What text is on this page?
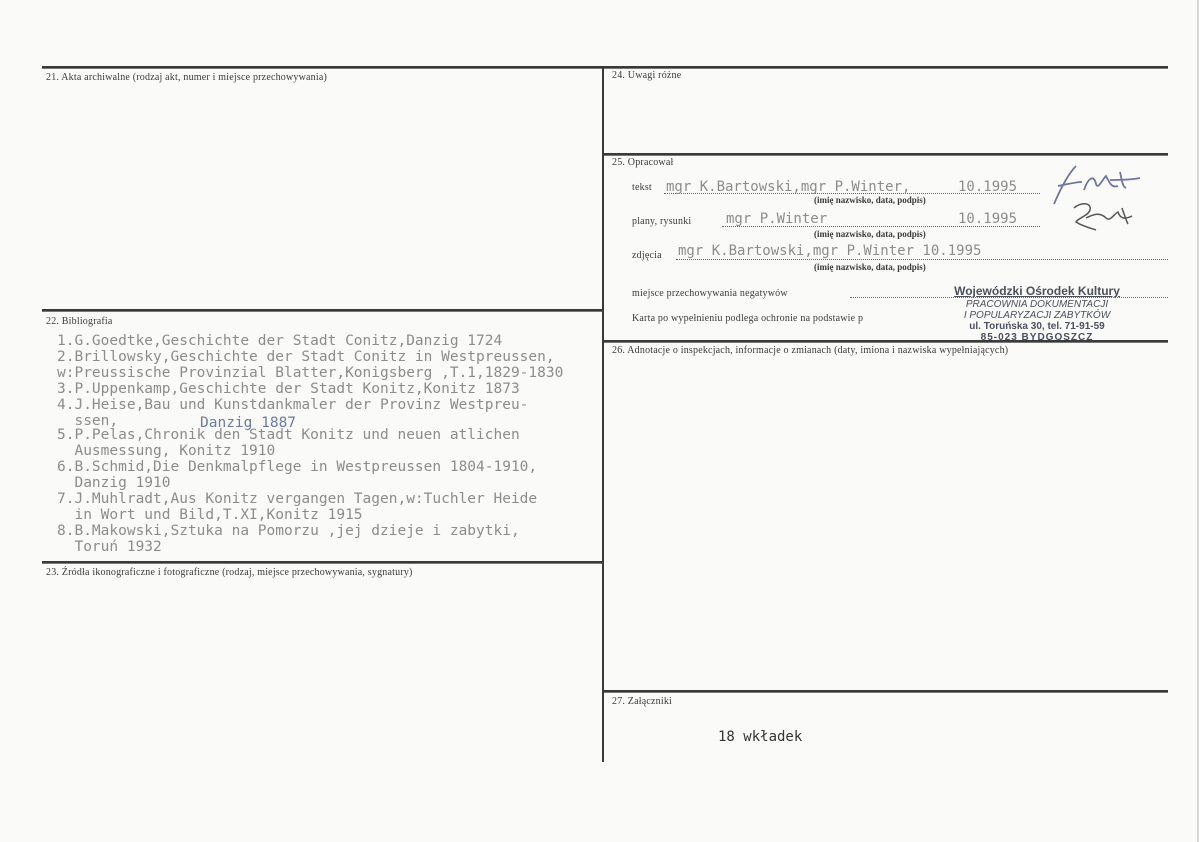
21. Akta archiwalne (rodzaj akt, numer i miejsce przechowywania)
22. Bibliografia
23. Źródła ikonograficzne i fotograficzne (rodzaj, miejsce przechowywania, sygnatury)
24. Uwagi różne
25. Opracował
26. Adnotacje o inspekcjach, informacje o zmianach (daty, imiona i nazwiska wypełniających)
27. Załączniki
1.G.Goedtke,Geschichte der Stadt Conitz,Danzig 1724
2.Brillowsky,Geschichte der Stadt Conitz in Westpreussen,
w:Preussische Provinzial Blatter,Konigsberg ,T.1,1829-1830
3.P.Uppenkamp,Geschichte der Stadt Konitz,Konitz 1873
4.J.Heise,Bau und Kunstdankmaler der Provinz Westpreu-
ssen,	Danzig 1887
5.P.Pelas,Chronik den Stadt Konitz und neuen atlichen
Ausmessung, Konitz 1910
6.B.Schmid,Die Denkmalpflege in Westpreussen 1804-1910,
Danzig 1910
7.J.Muhlradt,Aus Konitz vergangen Tagen,w:Tuchler Heide
in Wort und Bild,T.XI,Konitz 1915
8.B.Makowski,Sztuka na Pomorzu ,jej dzieje i zabytki,
Toruń 1932
tekst mgr K.Bartowski,mgr P.Winter,	10.1995
(imię nazwisko, data, podpis)
plany, rysunki mgr P.Winter	10.1995
(imię nazwisko, data, podpis)
zdjęcia mgr K.Bartowski,mgr P.Winter 10.1995
(imię nazwisko, data, podpis)
miejsce przechowywania negatywów
Karta po wypełnieniu podlega ochronie na podstawie p
Wojewódzki Ośrodek Kultury
PRACOWNIA DOKUMENTACJI
I POPULARYZACJI ZABYTKÓW
ul. Toruńska 30, tel. 71-91-59
85-023 BYDGOSZCZ
18 wkładek
